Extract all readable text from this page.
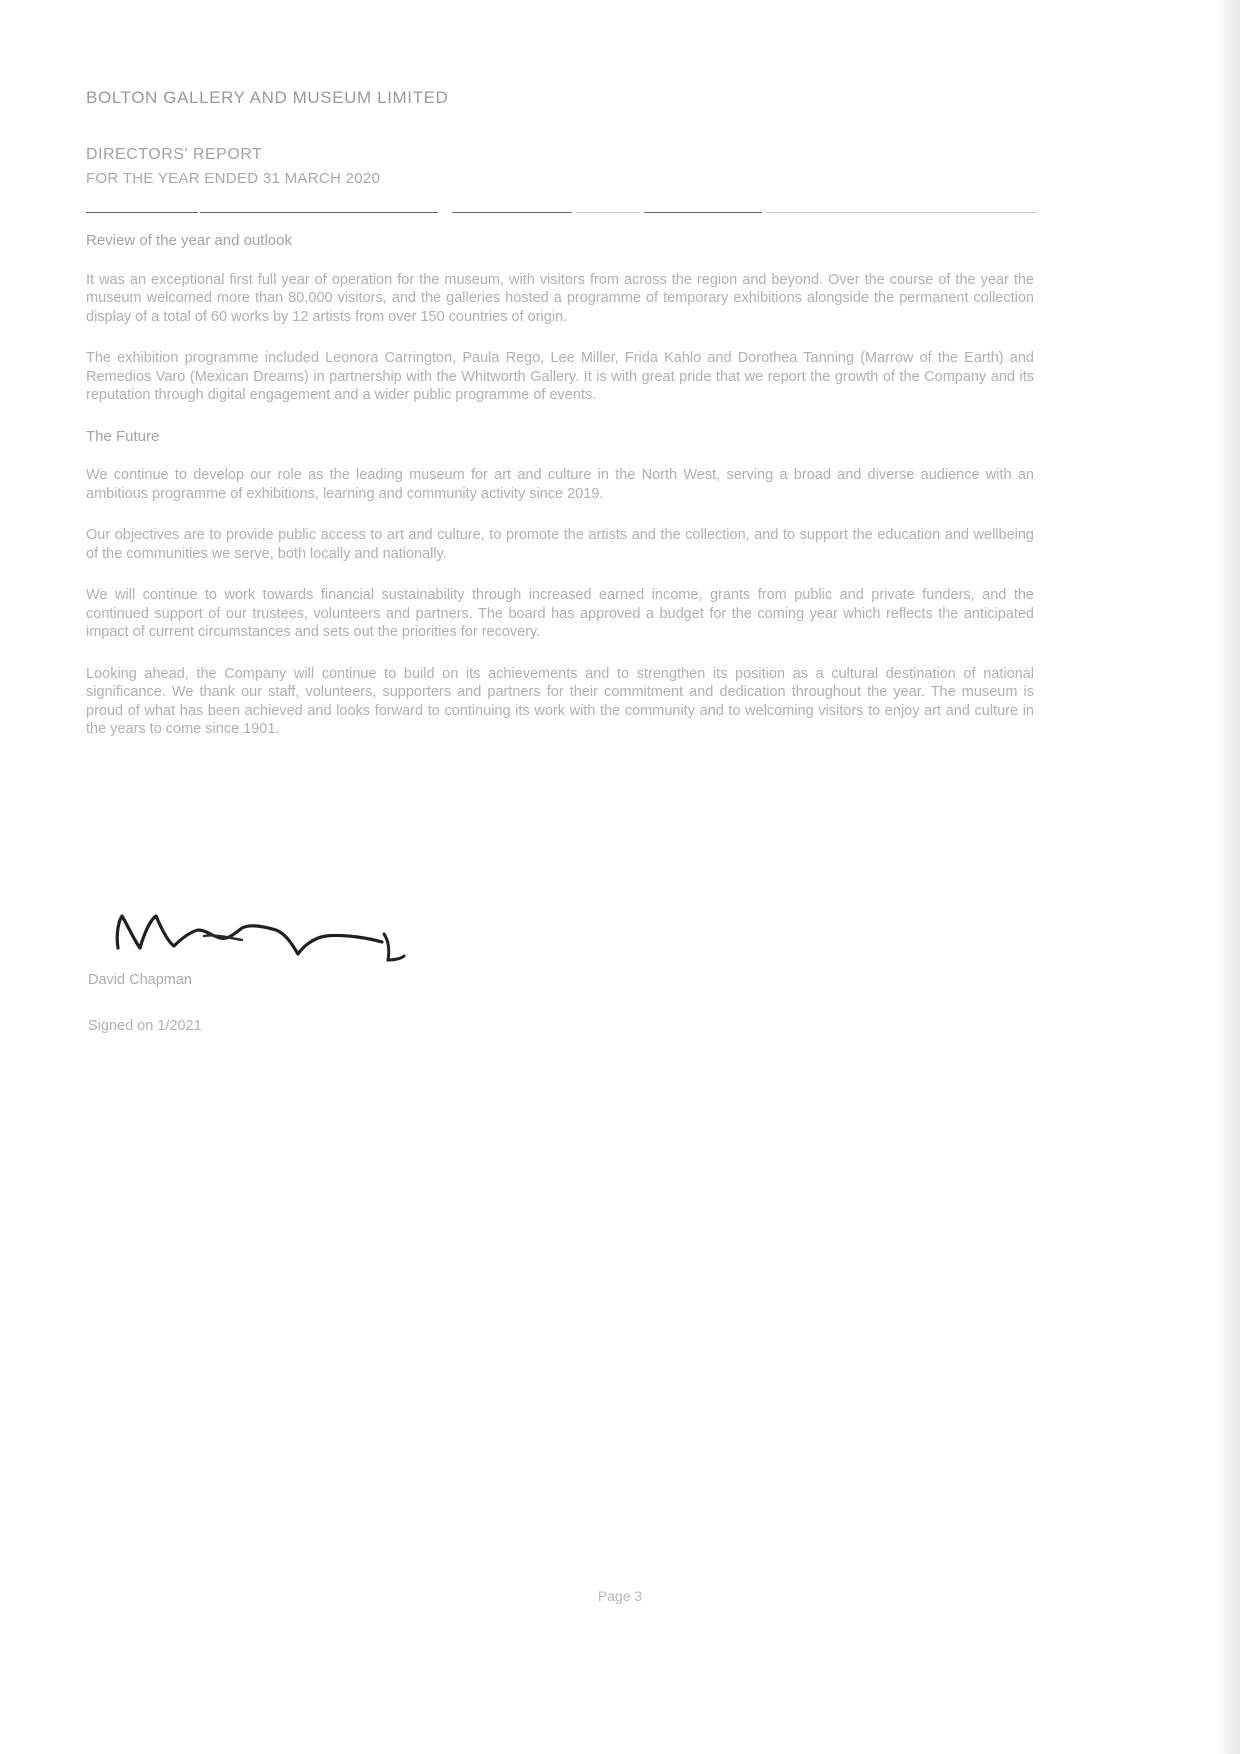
BOLTON GALLERY AND MUSEUM LIMITED
DIRECTORS' REPORT
FOR THE YEAR ENDED 31 MARCH 2020
Review of the year and outlook

It was an exceptional first full year of operation for the museum, with visitors from across the region and beyond. Over the course of the year the museum welcomed more than 80,000 visitors, and the galleries hosted a programme of temporary exhibitions alongside the permanent collection display of a total of 60 works by 12 artists from over 150 countries of origin.

The exhibition programme included Leonora Carrington, Paula Rego, Lee Miller, Frida Kahlo and Dorothea Tanning (Marrow of the Earth) and Remedios Varo (Mexican Dreams) in partnership with the Whitworth Gallery. It is with great pride that we report the growth of the Company and its reputation through digital engagement and a wider public programme of events.

The Future

We continue to develop our role as the leading museum for art and culture in the North West, serving a broad and diverse audience with an ambitious programme of exhibitions, learning and community activity since 2019.

Our objectives are to provide public access to art and culture, to promote the artists and the collection, and to support the education and wellbeing of the communities we serve, both locally and nationally.

We will continue to work towards financial sustainability through increased earned income, grants from public and private funders, and the continued support of our trustees, volunteers and partners. The board has approved a budget for the coming year which reflects the anticipated impact of current circumstances and sets out the priorities for recovery.

Looking ahead, the Company will continue to build on its achievements and to strengthen its position as a cultural destination of national significance. We thank our staff, volunteers, supporters and partners for their commitment and dedication throughout the year. The museum is proud of what has been achieved and looks forward to continuing its work with the community and to welcoming visitors to enjoy art and culture in the years to come since 1901.

David Chapman
Signed on 1/2021
Page 3
